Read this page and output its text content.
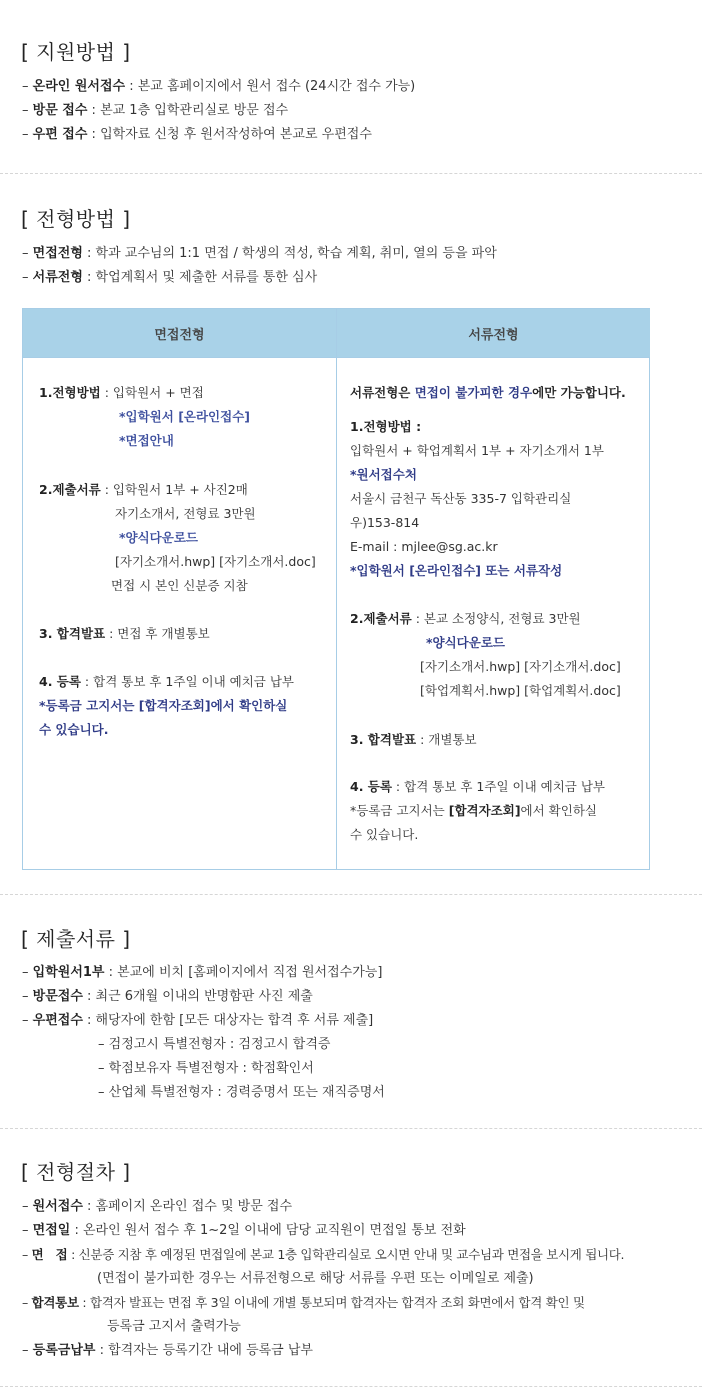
[ 지원방법 ]
– 온라인 원서접수 : 본교 홈페이지에서 원서 접수 (24시간 접수 가능)
– 방문 접수 : 본교 1층 입학관리실로 방문 접수
– 우편 접수 : 입학자료 신청 후 원서작성하여 본교로 우편접수
[ 전형방법 ]
– 면접전형 : 학과 교수님의 1:1 면접 / 학생의 적성, 학습 계획, 취미, 열의 등을 파악
– 서류전형 : 학업계획서 및 제출한 서류를 통한 심사
면접전형	서류전형
1.전형방법 : 입학원서 + 면접
*입학원서 [온라인접수]
*면접안내
2.제출서류 : 입학원서 1부 + 사진2매
자기소개서, 전형료 3만원
*양식다운로드
[자기소개서.hwp] [자기소개서.doc]
면접 시 본인 신분증 지참
3. 합격발표 : 면접 후 개별통보
4. 등록 : 합격 통보 후 1주일 이내 예치금 납부
*등록금 고지서는 [합격자조회]에서 확인하실
수 있습니다.
서류전형은 면접이 불가피한 경우에만 가능합니다.
1.전형방법 :
입학원서 + 학업계획서 1부 + 자기소개서 1부
*원서접수처
서울시 금천구 독산동 335-7 입학관리실
우)153-814
E-mail : mjlee@sg.ac.kr
*입학원서 [온라인접수] 또는 서류작성
2.제출서류 : 본교 소정양식, 전형료 3만원
*양식다운로드
[자기소개서.hwp] [자기소개서.doc]
[학업계획서.hwp] [학업계획서.doc]
3. 합격발표 : 개별통보
4. 등록 : 합격 통보 후 1주일 이내 예치금 납부
*등록금 고지서는 [합격자조회]에서 확인하실
수 있습니다.
[ 제출서류 ]
– 입학원서1부 : 본교에 비치 [홈페이지에서 직접 원서접수가능]
– 방문접수 : 최근 6개월 이내의 반명함판 사진 제출
– 우편접수 : 해당자에 한함 [모든 대상자는 합격 후 서류 제출]
– 검정고시 특별전형자 : 검정고시 합격증
– 학점보유자 특별전형자 : 학점확인서
– 산업체 특별전형자 : 경력증명서 또는 재직증명서
[ 전형절차 ]
– 원서접수 : 홈페이지 온라인 접수 및 방문 접수
– 면접일 : 온라인 원서 접수 후 1~2일 이내에 담당 교직원이 면접일 통보 전화
– 면　접 : 신분증 지참 후 예정된 면접일에 본교 1층 입학관리실로 오시면 안내 및 교수님과 면접을 보시게 됩니다.
(면접이 불가피한 경우는 서류전형으로 해당 서류를 우편 또는 이메일로 제출)
– 합격통보 : 합격자 발표는 면접 후 3일 이내에 개별 통보되며 합격자는 합격자 조회 화면에서 합격 확인 및
등록금 고지서 출력가능
– 등록금납부 : 합격자는 등록기간 내에 등록금 납부
